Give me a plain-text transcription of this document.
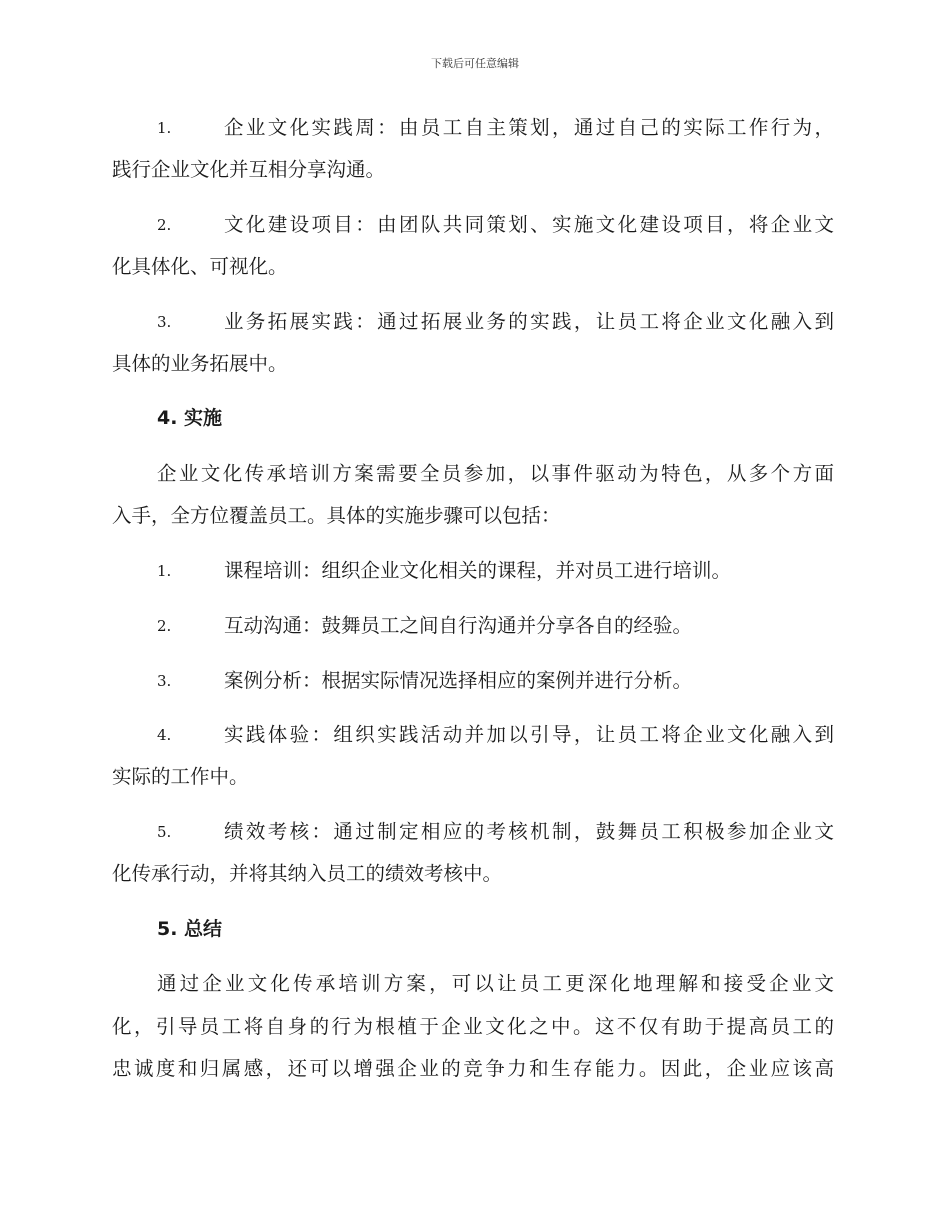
下载后可任意编辑
1.	企业文化实践周：由员工自主策划，通过自己的实际工作行为，
践行企业文化并互相分享沟通。
2.	文化建设项目：由团队共同策划、实施文化建设项目，将企业文
化具体化、可视化。
3.	业务拓展实践：通过拓展业务的实践，让员工将企业文化融入到
具体的业务拓展中。
4. 实施
企业文化传承培训方案需要全员参加，以事件驱动为特色，从多个方面
入手，全方位覆盖员工。具体的实施步骤可以包括：
1.	课程培训：组织企业文化相关的课程，并对员工进行培训。
2.	互动沟通：鼓舞员工之间自行沟通并分享各自的经验。
3.	案例分析：根据实际情况选择相应的案例并进行分析。
4.	实践体验：组织实践活动并加以引导，让员工将企业文化融入到
实际的工作中。
5.	绩效考核：通过制定相应的考核机制，鼓舞员工积极参加企业文
化传承行动，并将其纳入员工的绩效考核中。
5. 总结
通过企业文化传承培训方案，可以让员工更深化地理解和接受企业文
化，引导员工将自身的行为根植于企业文化之中。这不仅有助于提高员工的
忠诚度和归属感，还可以增强企业的竞争力和生存能力。因此，企业应该高
